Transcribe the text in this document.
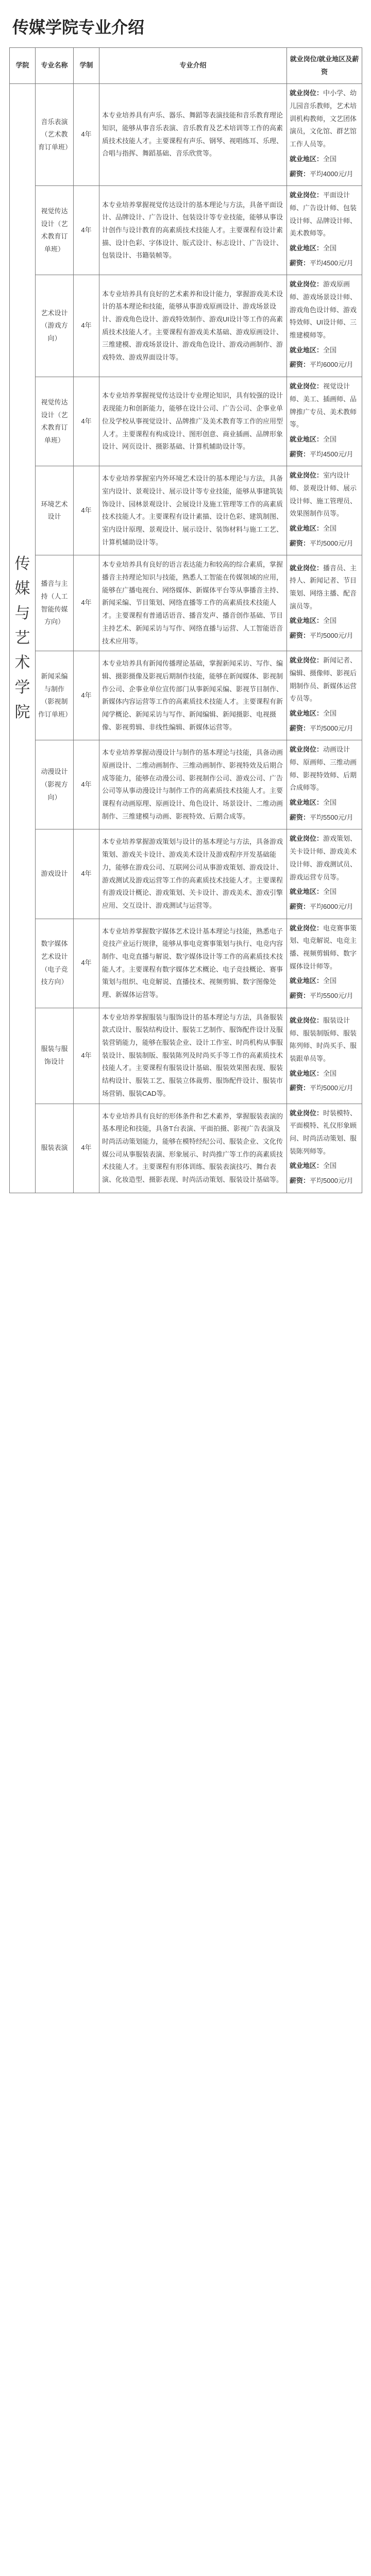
传媒学院专业介绍
学院	专业名称	学制	专业介绍	就业岗位/就业地区及薪资
传媒与艺术学院	音乐表演（艺术教育订单班）	4年	本专业培养具有声乐、器乐、舞蹈等表演技能和音乐教育理论知识，能够从事音乐表演、音乐教育及艺术培训等工作的高素质技术技能人才。主要课程有声乐、钢琴、视唱练耳、乐理、合唱与指挥、舞蹈基础、音乐欣赏等。	就业岗位：中小学、幼儿园音乐教师，艺术培训机构教师，文艺团体演员，文化馆、群艺馆工作人员等。
就业地区：全国
薪资：平均4000元/月

	视觉传达设计（艺术教育订单班）	4年	本专业培养掌握视觉传达设计的基本理论与方法，具备平面设计、品牌设计、广告设计、包装设计等专业技能，能够从事设计创作与设计教育的高素质技术技能人才。主要课程有设计素描、设计色彩、字体设计、版式设计、标志设计、广告设计、包装设计、书籍装帧等。	就业岗位：平面设计师、广告设计师、包装设计师、品牌设计师、美术教师等。
就业地区：全国
薪资：平均4500元/月

	艺术设计（游戏方向）	4年	本专业培养具有良好的艺术素养和设计能力，掌握游戏美术设计的基本理论和技能，能够从事游戏原画设计、游戏场景设计、游戏角色设计、游戏特效制作、游戏UI设计等工作的高素质技术技能人才。主要课程有游戏美术基础、游戏原画设计、三维建模、游戏场景设计、游戏角色设计、游戏动画制作、游戏特效、游戏界面设计等。	就业岗位：游戏原画师、游戏场景设计师、游戏角色设计师、游戏特效师、UI设计师、三维建模师等。
就业地区：全国
薪资：平均6000元/月

	视觉传达设计（艺术教育订单班）	4年	本专业培养掌握视觉传达设计专业理论知识，具有较强的设计表现能力和创新能力，能够在设计公司、广告公司、企事业单位及学校从事视觉设计、品牌推广及美术教育等工作的应用型人才。主要课程有构成设计、图形创意、商业插画、品牌形象设计、网页设计、摄影基础、计算机辅助设计等。	就业岗位：视觉设计师、美工、插画师、品牌推广专员、美术教师等。
就业地区：全国
薪资：平均4500元/月

	环境艺术设计	4年	本专业培养掌握室内外环境艺术设计的基本理论与方法，具备室内设计、景观设计、展示设计等专业技能，能够从事建筑装饰设计、园林景观设计、会展设计及施工管理等工作的高素质技术技能人才。主要课程有设计素描、设计色彩、建筑制图、室内设计原理、景观设计、展示设计、装饰材料与施工工艺、计算机辅助设计等。	就业岗位：室内设计师、景观设计师、展示设计师、施工管理员、效果图制作员等。
就业地区：全国
薪资：平均5000元/月

	播音与主持（人工智能传媒方向）	4年	本专业培养具有良好的语言表达能力和较高的综合素质，掌握播音主持理论知识与技能，熟悉人工智能在传媒领域的应用，能够在广播电视台、网络媒体、新媒体平台等从事播音主持、新闻采编、节目策划、网络直播等工作的高素质技术技能人才。主要课程有普通话语音、播音发声、播音创作基础、节目主持艺术、新闻采访与写作、网络直播与运营、人工智能语音技术应用等。	就业岗位：播音员、主持人、新闻记者、节目策划、网络主播、配音演员等。
就业地区：全国
薪资：平均5000元/月

	新闻采编与制作（影视制作订单班）	4年	本专业培养具有新闻传播理论基础，掌握新闻采访、写作、编辑、摄影摄像及影视后期制作技能，能够在新闻媒体、影视制作公司、企事业单位宣传部门从事新闻采编、影视节目制作、新媒体内容运营等工作的高素质技术技能人才。主要课程有新闻学概论、新闻采访与写作、新闻编辑、新闻摄影、电视摄像、影视剪辑、非线性编辑、新媒体运营等。	就业岗位：新闻记者、编辑、摄像师、影视后期制作员、新媒体运营专员等。
就业地区：全国
薪资：平均5000元/月

	动漫设计（影视方向）	4年	本专业培养掌握动漫设计与制作的基本理论与技能，具备动画原画设计、二维动画制作、三维动画制作、影视特效及后期合成等能力，能够在动漫公司、影视制作公司、游戏公司、广告公司等从事动漫设计与制作工作的高素质技术技能人才。主要课程有动画原理、原画设计、角色设计、场景设计、二维动画制作、三维建模与动画、影视特效、后期合成等。	就业岗位：动画设计师、原画师、三维动画师、影视特效师、后期合成师等。
就业地区：全国
薪资：平均5500元/月

	游戏设计	4年	本专业培养掌握游戏策划与设计的基本理论与方法，具备游戏策划、游戏关卡设计、游戏美术设计及游戏程序开发基础能力，能够在游戏公司、互联网公司从事游戏策划、游戏设计、游戏测试及游戏运营等工作的高素质技术技能人才。主要课程有游戏设计概论、游戏策划、关卡设计、游戏美术、游戏引擎应用、交互设计、游戏测试与运营等。	就业岗位：游戏策划、关卡设计师、游戏美术设计师、游戏测试员、游戏运营专员等。
就业地区：全国
薪资：平均6000元/月

	数字媒体艺术设计（电子竞技方向）	4年	本专业培养掌握数字媒体艺术设计基本理论与技能，熟悉电子竞技产业运行规律，能够从事电竞赛事策划与执行、电竞内容制作、电竞直播与解说、数字媒体设计等工作的高素质技术技能人才。主要课程有数字媒体艺术概论、电子竞技概论、赛事策划与组织、电竞解说、直播技术、视频剪辑、数字图像处理、新媒体运营等。	就业岗位：电竞赛事策划、电竞解说、电竞主播、视频剪辑师、数字媒体设计师等。
就业地区：全国
薪资：平均5500元/月

	服装与服饰设计	4年	本专业培养掌握服装与服饰设计的基本理论与方法，具备服装款式设计、服装结构设计、服装工艺制作、服饰配件设计及服装营销能力，能够在服装企业、设计工作室、时尚机构从事服装设计、服装制版、服装陈列及时尚买手等工作的高素质技术技能人才。主要课程有服装设计基础、服装效果图表现、服装结构设计、服装工艺、服装立体裁剪、服饰配件设计、服装市场营销、服装CAD等。	就业岗位：服装设计师、服装制版师、服装陈列师、时尚买手、服装跟单员等。
就业地区：全国
薪资：平均5000元/月

	服装表演	4年	本专业培养具有良好的形体条件和艺术素养，掌握服装表演的基本理论和技能，具备T台表演、平面拍摄、影视广告表演及时尚活动策划能力，能够在模特经纪公司、服装企业、文化传媒公司从事服装表演、形象展示、时尚推广等工作的高素质技术技能人才。主要课程有形体训练、服装表演技巧、舞台表演、化妆造型、摄影表现、时尚活动策划、服装设计基础等。	就业岗位：时装模特、平面模特、礼仪形象顾问、时尚活动策划、服装陈列师等。
就业地区：全国
薪资：平均5000元/月
